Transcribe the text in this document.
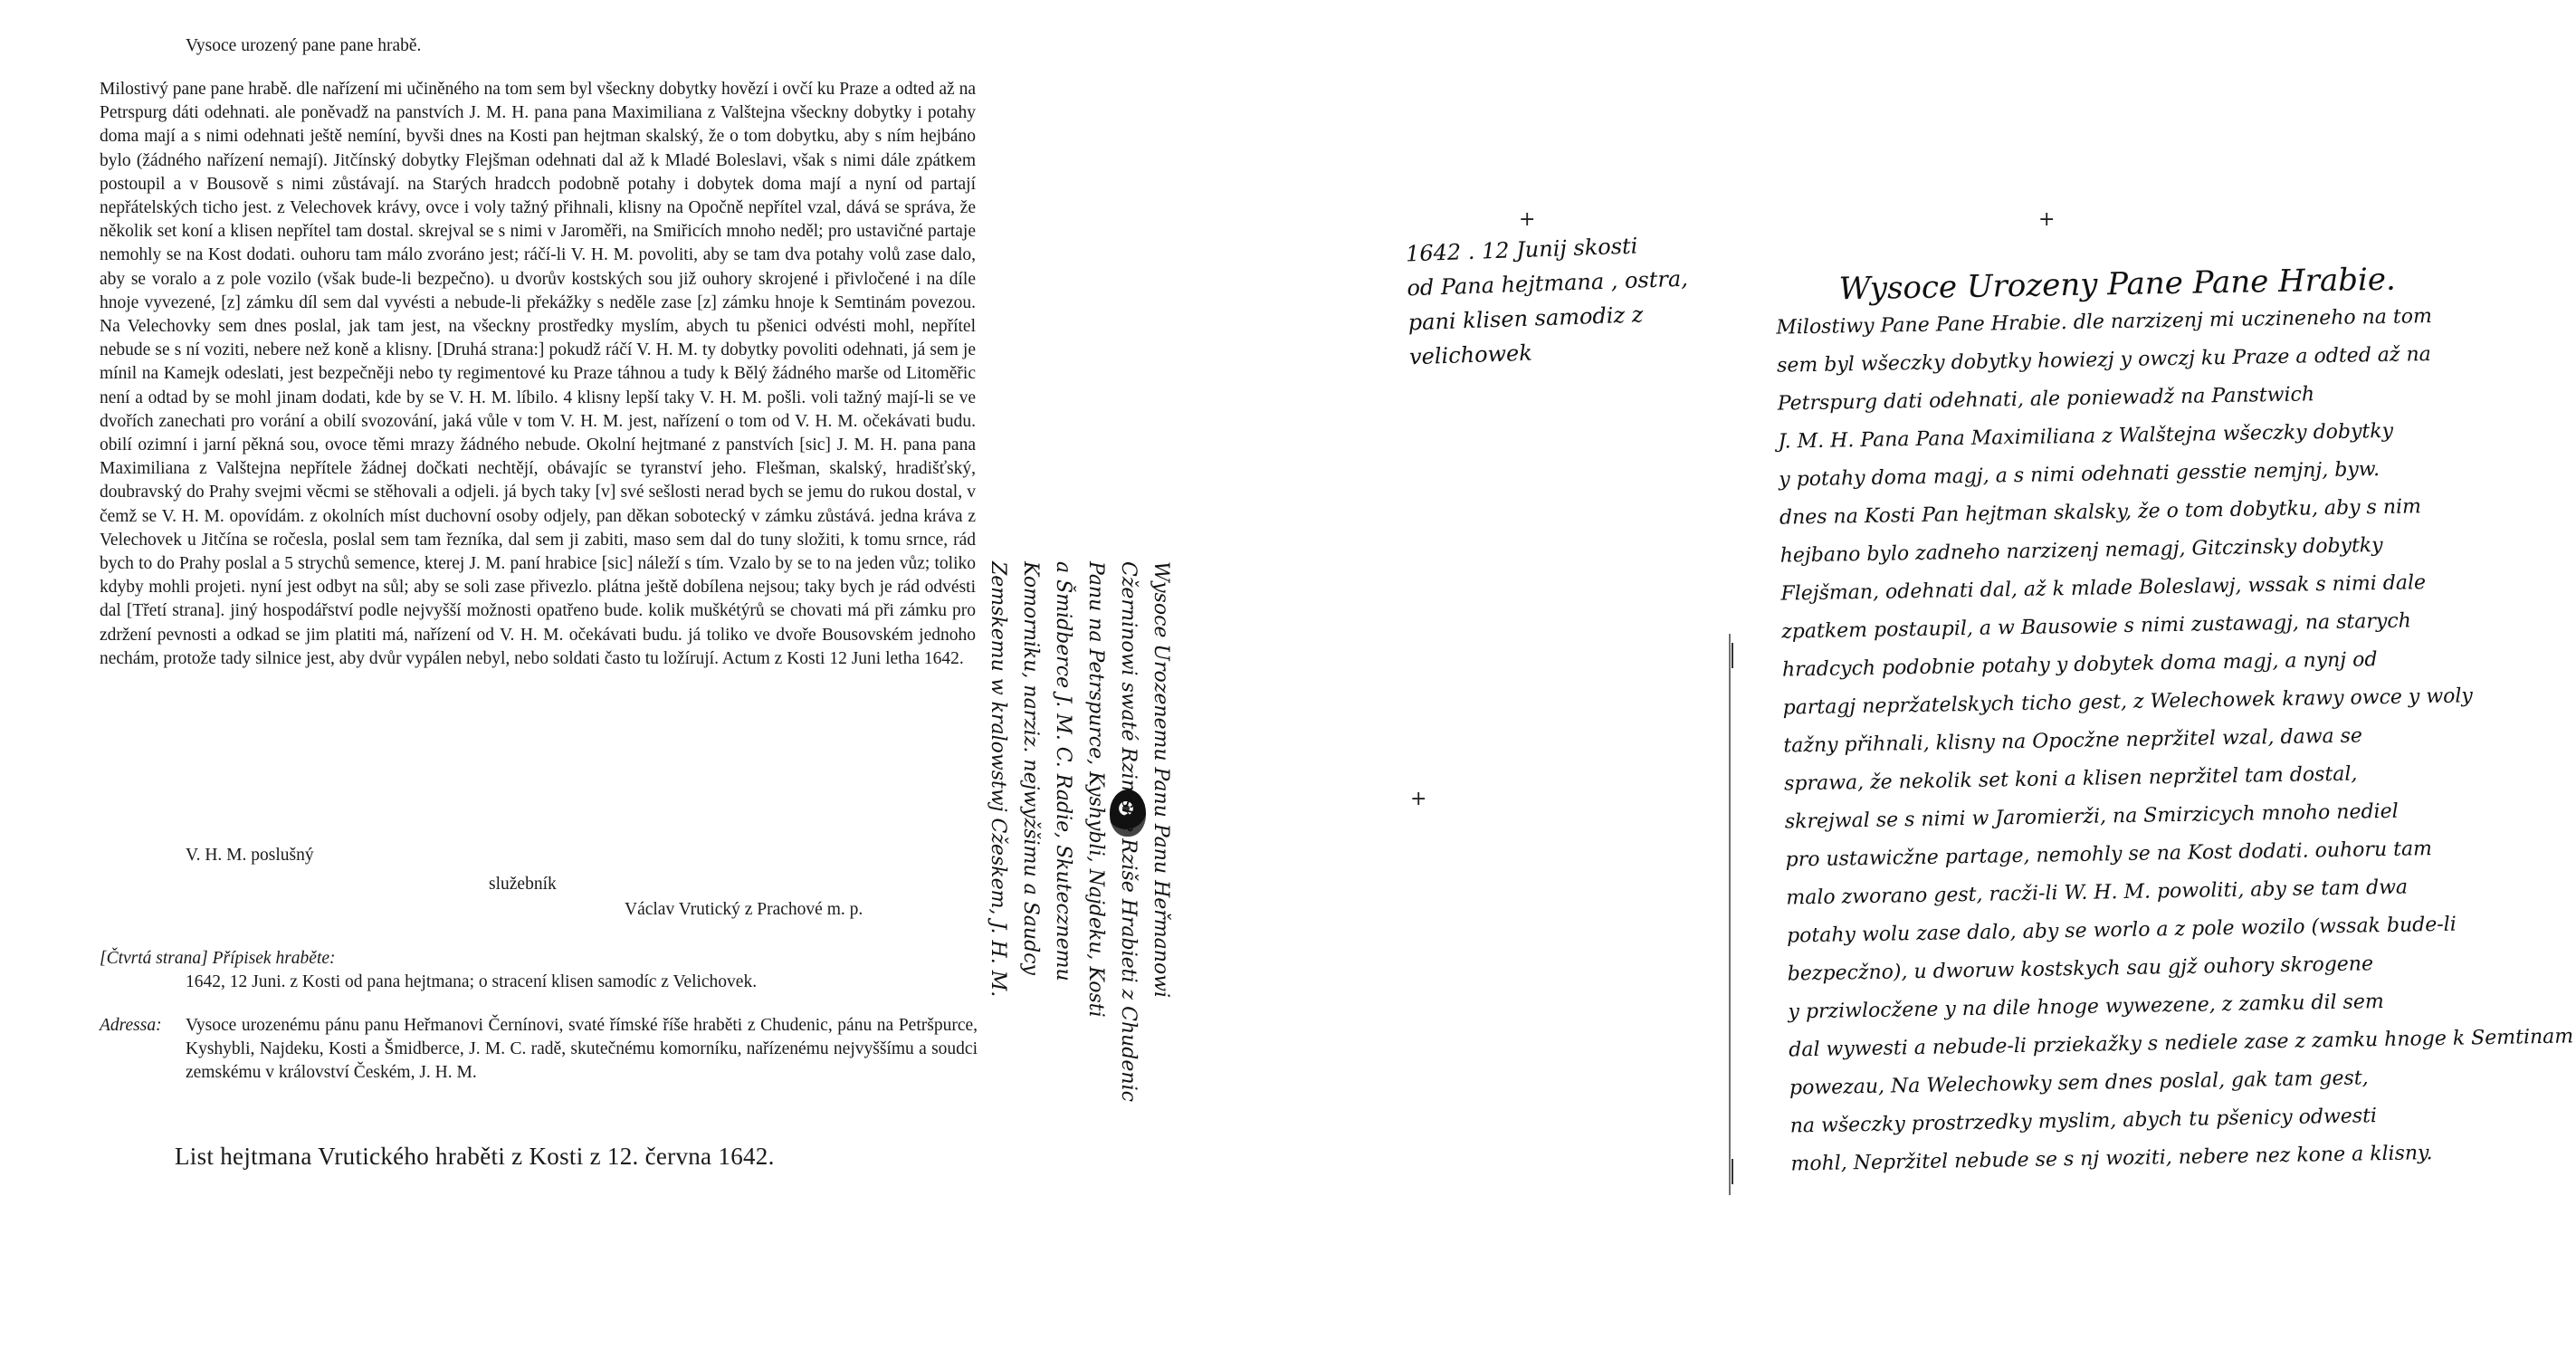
Vysoce urozený pane pane hrabě.
Milostivý pane pane hrabě. dle nařízení mi učiněného na tom sem byl všeckny dobytky hovězí i ovčí ku Praze a odted až na Petrspurg dáti odehnati. ale poněvadž na panstvích J. M. H. pana pana Maximiliana z Valštejna všeckny dobytky i potahy doma mají a s nimi odehnati ještě nemíní, byvši dnes na Kosti pan hejtman skalský, že o tom dobytku, aby s ním hejbáno bylo (žádného nařízení nemají). Jitčínský dobytky Flejšman odehnati dal až k Mladé Boleslavi, však s nimi dále zpátkem postoupil a v Bousově s nimi zůstávají. na Starých hradcch podobně potahy i dobytek doma mají a nyní od partají nepřátelských ticho jest. z Velechovek krávy, ovce i voly tažný přihnali, klisny na Opočně nepřítel vzal, dává se správa, že několik set koní a klisen nepřítel tam dostal. skrejval se s nimi v Jaroměři, na Smiřicích mnoho neděl; pro ustavičné partaje nemohly se na Kost dodati. ouhoru tam málo zvoráno jest; ráčí-li V. H. M. povoliti, aby se tam dva potahy volů zase dalo, aby se voralo a z pole vozilo (však bude-li bezpečno). u dvorův kostských sou již ouhory skrojené i přivločené i na díle hnoje vyvezené, [z] zámku díl sem dal vyvésti a nebude-li překážky s neděle zase [z] zámku hnoje k Semtinám povezou. Na Velechovky sem dnes poslal, jak tam jest, na všeckny prostředky myslím, abych tu pšenici odvésti mohl, nepřítel nebude se s ní voziti, nebere než koně a klisny. [Druhá strana:] pokudž ráčí V. H. M. ty dobytky povoliti odehnati, já sem je mínil na Kamejk odeslati, jest bezpečněji nebo ty regimentové ku Praze táhnou a tudy k Bělý žádného marše od Litoměřic není a odtad by se mohl jinam dodati, kde by se V. H. M. líbilo. 4 klisny lepší taky V. H. M. pošli. voli tažný mají-li se ve dvořích zanechati pro vorání a obilí svozování, jaká vůle v tom V. H. M. jest, nařízení o tom od V. H. M. očekávati budu. obilí ozimní i jarní pěkná sou, ovoce těmi mrazy žádného nebude. Okolní hejtmané z panstvích [sic] J. M. H. pana pana Maximiliana z Valštejna nepřítele žádnej dočkati nechtějí, obávajíc se tyranství jeho. Flešman, skalský, hradišťský, doubravský do Prahy svejmi věcmi se stěhovali a odjeli. já bych taky [v] své sešlosti nerad bych se jemu do rukou dostal, v čemž se V. H. M. opovídám. z okolních míst duchovní osoby odjely, pan děkan sobotecký v zámku zůstává. jedna kráva z Velechovek u Jitčína se ročesla, poslal sem tam řezníka, dal sem ji zabiti, maso sem dal do tuny složiti, k tomu srnce, rád bych to do Prahy poslal a 5 strychů semence, kterej J. M. paní hrabice [sic] náleží s tím. Vzalo by se to na jeden vůz; toliko kdyby mohli projeti. nyní jest odbyt na sůl; aby se soli zase přivezlo. plátna ještě dobílena nejsou; taky bych je rád odvésti dal [Třetí strana]. jiný hospodářství podle nejvyšší možnosti opatřeno bude. kolik muškétýrů se chovati má při zámku pro zdržení pevnosti a odkad se jim platiti má, nařízení od V. H. M. očekávati budu. já toliko ve dvoře Bousovském jednoho nechám, protože tady silnice jest, aby dvůr vypálen nebyl, nebo soldati často tu ložírují. Actum z Kosti 12 Juni letha 1642.
V. H. M. poslušný
služebník
Václav Vrutický z Prachové m. p.
[Čtvrtá strana] Přípisek hraběte:
1642, 12 Juni. z Kosti od pana hejtmana; o stracení klisen samodíc z Velichovek.
Adressa:	Vysoce urozenému pánu panu Heřmanovi Černínovi, svaté římské říše hraběti z Chudenic, pánu na Petršpurce, Kyshybli, Najdeku, Kosti a Šmidberce, J. M. C. radě, skutečnému komorníku, nařízenému nejvyššímu a soudci zemskému v království Českém, J. H. M.
List hejtmana Vrutického hraběti z Kosti z 12. června 1642.
+
1642 . 12 Junij skosti
od Pana hejtmana , ostra,
pani klisen samodiz z
velichowek
Wysoce Urozenemu Panu Panu Heřmanowi
Cžerninowi swaté Rzimske Rziše Hrabieti z Chudenic
Panu na Petrspurce, Kyshybli, Najdeku, Kosti
a Šmidberce J. M. C. Radie, Skutecznemu
Komorniku, narziz. nejwyžšimu a Saudcy
Zemskemu w kralowstwj Cžeskem, J. H. M.	+
+
Wysoce Urozeny Pane Pane Hrabie.
Milostiwy Pane Pane Hrabie. dle narzizenj mi uczineneho na tom
sem byl wšeczky dobytky howiezj y owczj ku Praze a odted až na
Petrspurg dati odehnati, ale poniewadž na Panstwich
J. M. H. Pana Pana Maximiliana z Walštejna wšeczky dobytky
y potahy doma magj, a s nimi odehnati gesstie nemjnj, byw.
dnes na Kosti Pan hejtman skalsky, že o tom dobytku, aby s nim
hejbano bylo zadneho narzizenj nemagj, Gitczinsky dobytky
Flejšman, odehnati dal, až k mlade Boleslawj, wssak s nimi dale
zpatkem postaupil, a w Bausowie s nimi zustawagj, na starych
hradcych podobnie potahy y dobytek doma magj, a nynj od
partagj nepržatelskych ticho gest, z Welechowek krawy owce y woly
tažny přihnali, klisny na Opocžne nepržitel wzal, dawa se
sprawa, že nekolik set koni a klisen nepržitel tam dostal,
skrejwal se s nimi w Jaromierži, na Smirzicych mnoho nediel
pro ustawicžne partage, nemohly se na Kost dodati. ouhoru tam
malo zworano gest, racži-li W. H. M. powoliti, aby se tam dwa
potahy wolu zase dalo, aby se worlo a z pole wozilo (wssak bude-li
bezpecžno), u dworuw kostskych sau gjž ouhory skrogene
y prziwlocžene y na dile hnoge wywezene, z zamku dil sem
dal wywesti a nebude-li prziekažky s nediele zase z zamku hnoge k Semtinam
powezau, Na Welechowky sem dnes poslal, gak tam gest,
na wšeczky prostrzedky myslim, abych tu pšenicy odwesti
mohl, Nepržitel nebude se s nj woziti, nebere nez kone a klisny.
